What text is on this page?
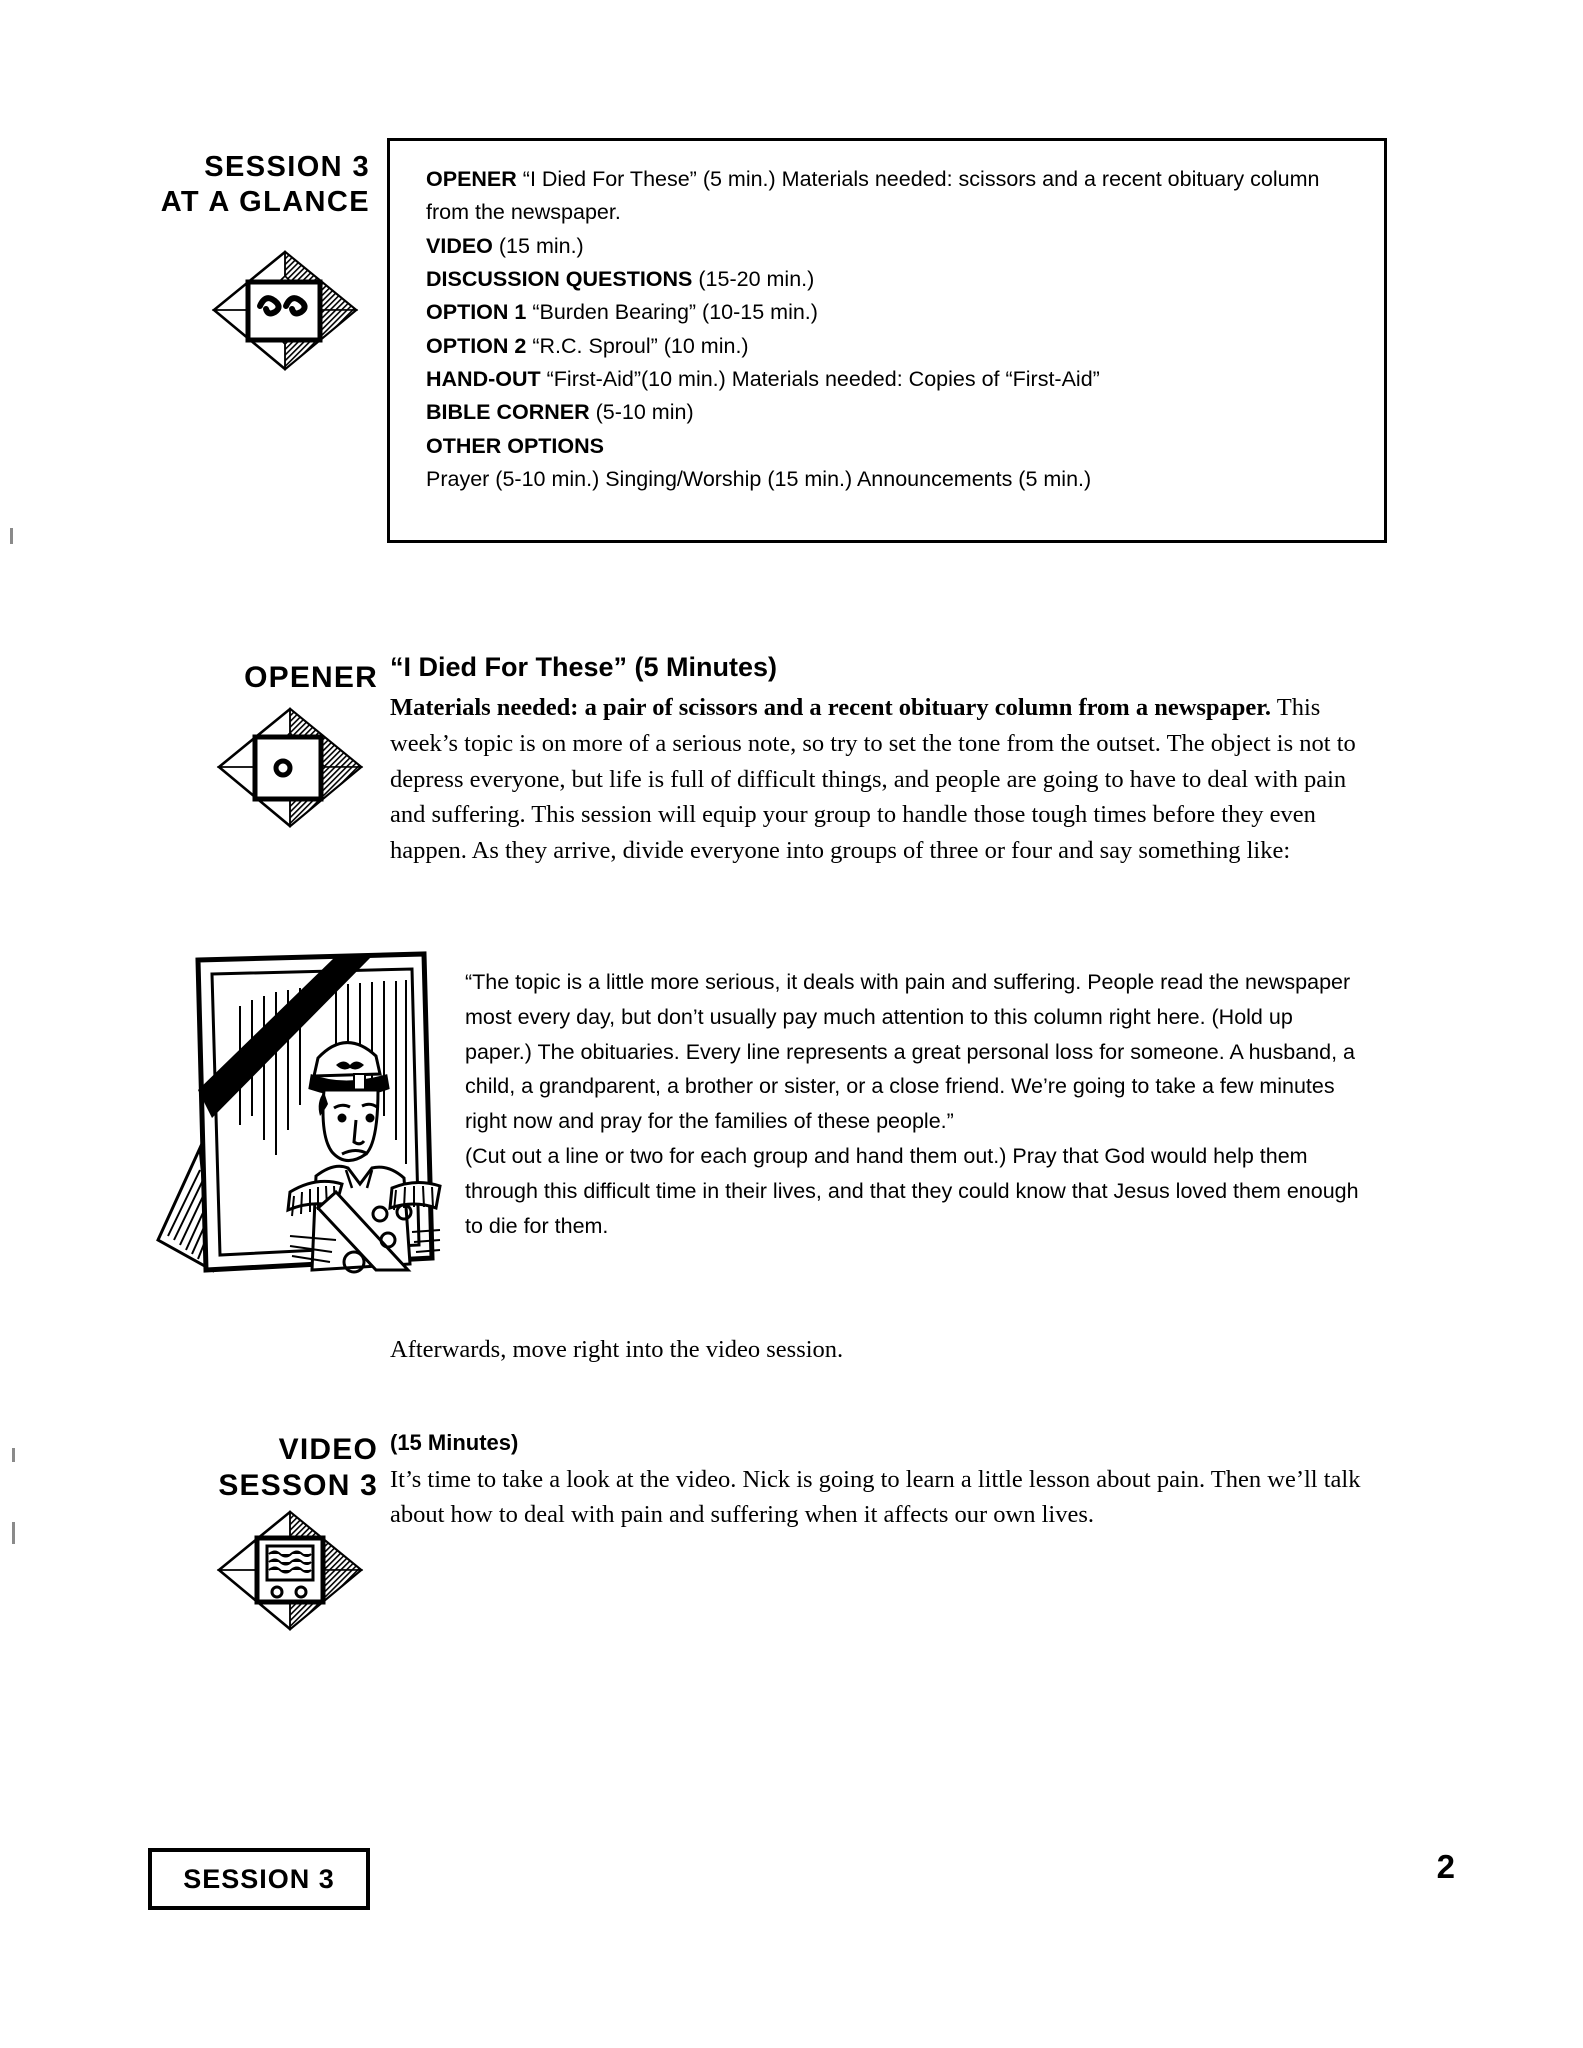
SESSION 3
AT A GLANCE
OPENER “I Died For These” (5 min.) Materials needed: scissors and a recent obituary column from the newspaper.
VIDEO (15 min.)
DISCUSSION QUESTIONS (15-20 min.)
OPTION 1 “Burden Bearing” (10-15 min.)
OPTION 2 “R.C. Sproul” (10 min.)
HAND-OUT “First-Aid”(10 min.) Materials needed: Copies of “First-Aid”
BIBLE CORNER (5-10 min)
OTHER OPTIONS
Prayer (5-10 min.) Singing/Worship (15 min.) Announcements (5 min.)
OPENER “I Died For These” (5 Minutes)
Materials needed: a pair of scissors and a recent obituary column from a newspaper. This week’s topic is on more of a serious note, so try to set the tone from the outset. The object is not to depress everyone, but life is full of difficult things, and people are going to have to deal with pain and suffering. This session will equip your group to handle those tough times before they even happen. As they arrive, divide everyone into groups of three or four and say something like:
“The topic is a little more serious, it deals with pain and suffering. People read the newspaper most every day, but don’t usually pay much attention to this column right here. (Hold up paper.) The obituaries. Every line represents a great personal loss for someone. A husband, a child, a grandparent, a brother or sister, or a close friend. We’re going to take a few minutes right now and pray for the families of these people.”
(Cut out a line or two for each group and hand them out.) Pray that God would help them through this difficult time in their lives, and that they could know that Jesus loved them enough to die for them.
Afterwards, move right into the video session.
VIDEO
SESSON 3
(15 Minutes)
It’s time to take a look at the video. Nick is going to learn a little lesson about pain. Then we’ll talk about how to deal with pain and suffering when it affects our own lives.
SESSION 3	2
